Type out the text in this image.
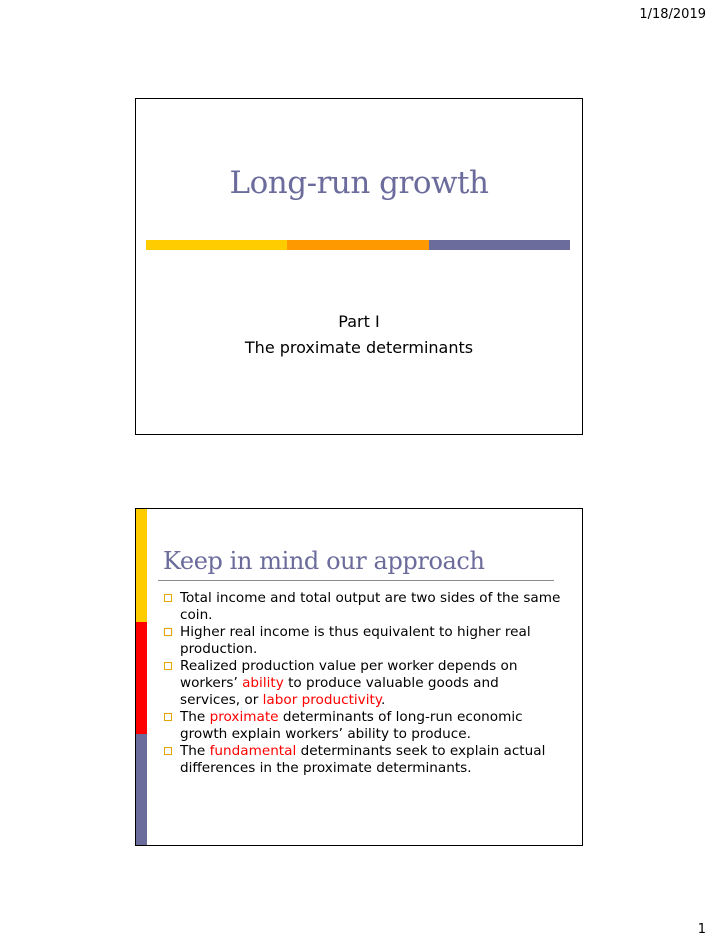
1/18/2019
Long-run growth
Part I
The proximate determinants
Keep in mind our approach
Total income and total output are two sides of the same coin.
Higher real income is thus equivalent to higher real production.
Realized production value per worker depends on workers’ ability to produce valuable goods and services, or labor productivity.
The proximate determinants of long-run economic growth explain workers’ ability to produce.
The fundamental determinants seek to explain actual differences in the proximate determinants.
1
